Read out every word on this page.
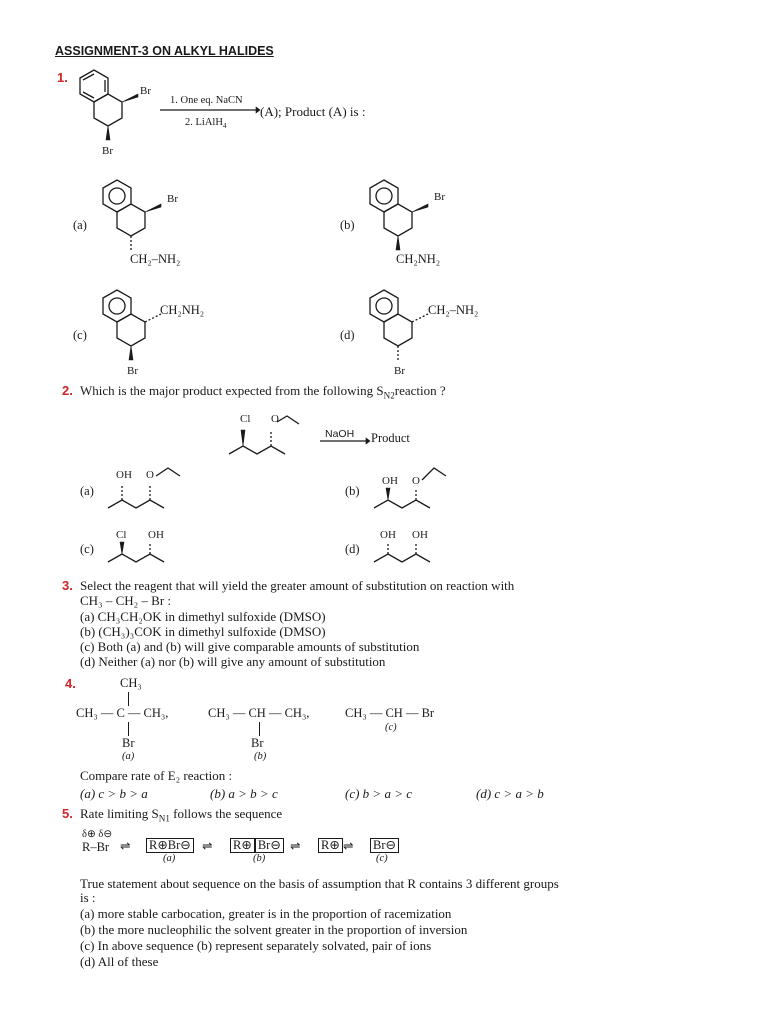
ASSIGNMENT-3 ON ALKYL HALIDES
1.
Br
Br
1. One eq. NaCN
2. LiAlH$_4$
(A); Product (A) is :
(a)
Br
CH₂–NH₂
(b)
Br
CH₂NH₂
(c)
Br
CH₂NH₂
(d)
Br
CH₂–NH₂
2. Which is the major product expected from the following $S_{N2}reaction$ ?
Cl O
NaOH Product
(a)
OH O
(b)
OH O
(c)
Cl OH
(d)
OH OH
3. Select the reagent that will yield the greater amount of substitution on reaction with
CH₃ – CH₂ – Br :
(a) CH₃CH₂OK in dimethyl sulfoxide (DMSO)
(b) (CH₃)₃COK in dimethyl sulfoxide (DMSO)
(c) Both (a) and (b) will give comparable amounts of substitution
(d) Neither (a) nor (b) will give any amount of substitution
4.	CH₃
CH₃ — C — CH₃,
Br
(a)
CH₃ — CH — CH₃,
Br
(b)
CH₃ — CH — Br
(c)
Compare rate of E₂ reaction :
(a) c > b > a	(b) a > b > c	(c) b > a > c	(d) c > a > b
5. Rate limiting $S_{N1}$ follows the sequence
δ⊕ δ⊖
R–Br ⇌ R⊕Br⊖
(a)
⇌ R⊕ Br⊖
(b)
⇌ R⊕ ⇌ Br⊖
(c)
True statement about sequence on the basis of assumption that R contains 3 different groups
is :
(a) more stable carbocation, greater is in the proportion of racemization
(b) the more nucleophilic the solvent greater in the proportion of inversion
(c) In above sequence (b) represent separately solvated, pair of ions
(d) All of these
